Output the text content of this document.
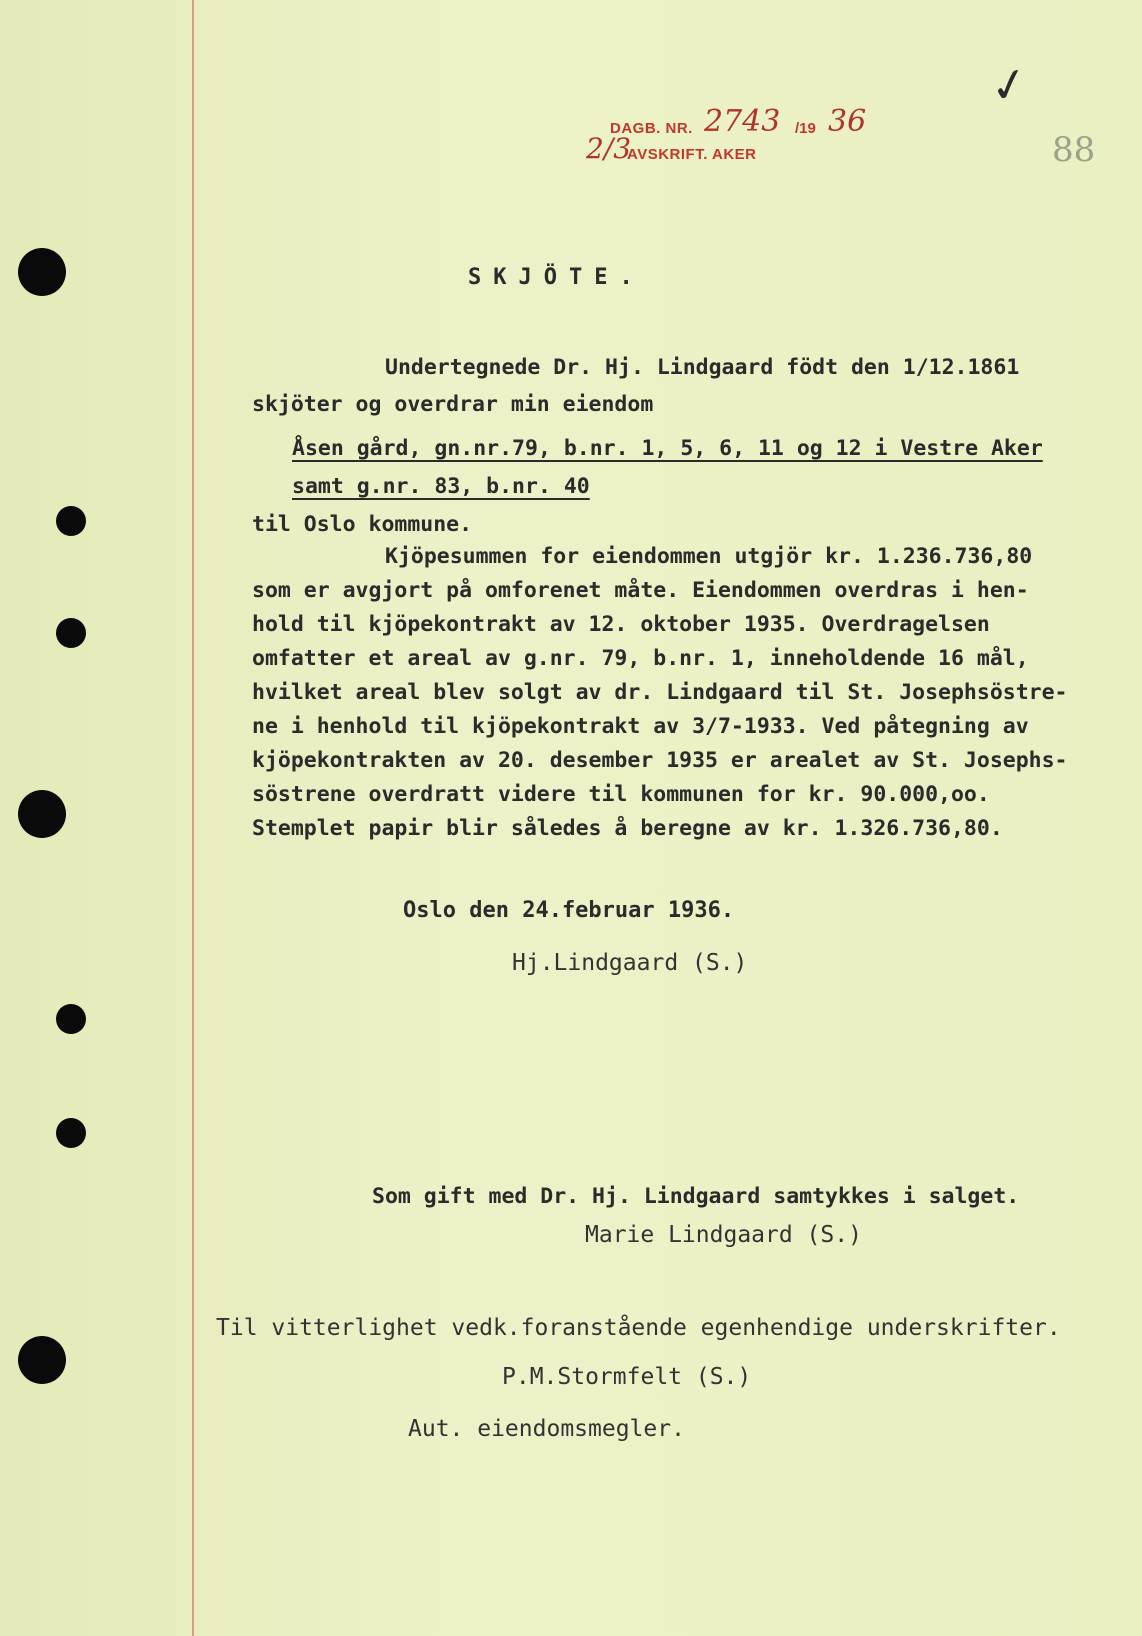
DAGB. NR. 2743 /19 36
AVSKRIFT. AKER
2/3
✓
88
SKJÖTE.
Undertegnede Dr. Hj. Lindgaard födt den 1/12.1861
skjöter og overdrar min eiendom
Åsen gård, gn.nr.79, b.nr. 1, 5, 6, 11 og 12 i Vestre Aker
samt g.nr. 83, b.nr. 40
til Oslo kommune.
Kjöpesummen for eiendommen utgjör kr. 1.236.736,80
som er avgjort på omforenet måte. Eiendommen overdras i hen-
hold til kjöpekontrakt av 12. oktober 1935. Overdragelsen
omfatter et areal av g.nr. 79, b.nr. 1, inneholdende 16 mål,
hvilket areal blev solgt av dr. Lindgaard til St. Josephsöstre-
ne i henhold til kjöpekontrakt av 3/7-1933. Ved påtegning av
kjöpekontrakten av 20. desember 1935 er arealet av St. Josephs-
söstrene overdratt videre til kommunen for kr. 90.000,oo.
Stemplet papir blir således å beregne av kr. 1.326.736,80.
Oslo den 24.februar 1936.
Hj.Lindgaard (S.)
Som gift med Dr. Hj. Lindgaard samtykkes i salget.
Marie Lindgaard (S.)
Til vitterlighet vedk.foranstående egenhendige underskrifter.
P.M.Stormfelt (S.)
Aut. eiendomsmegler.
